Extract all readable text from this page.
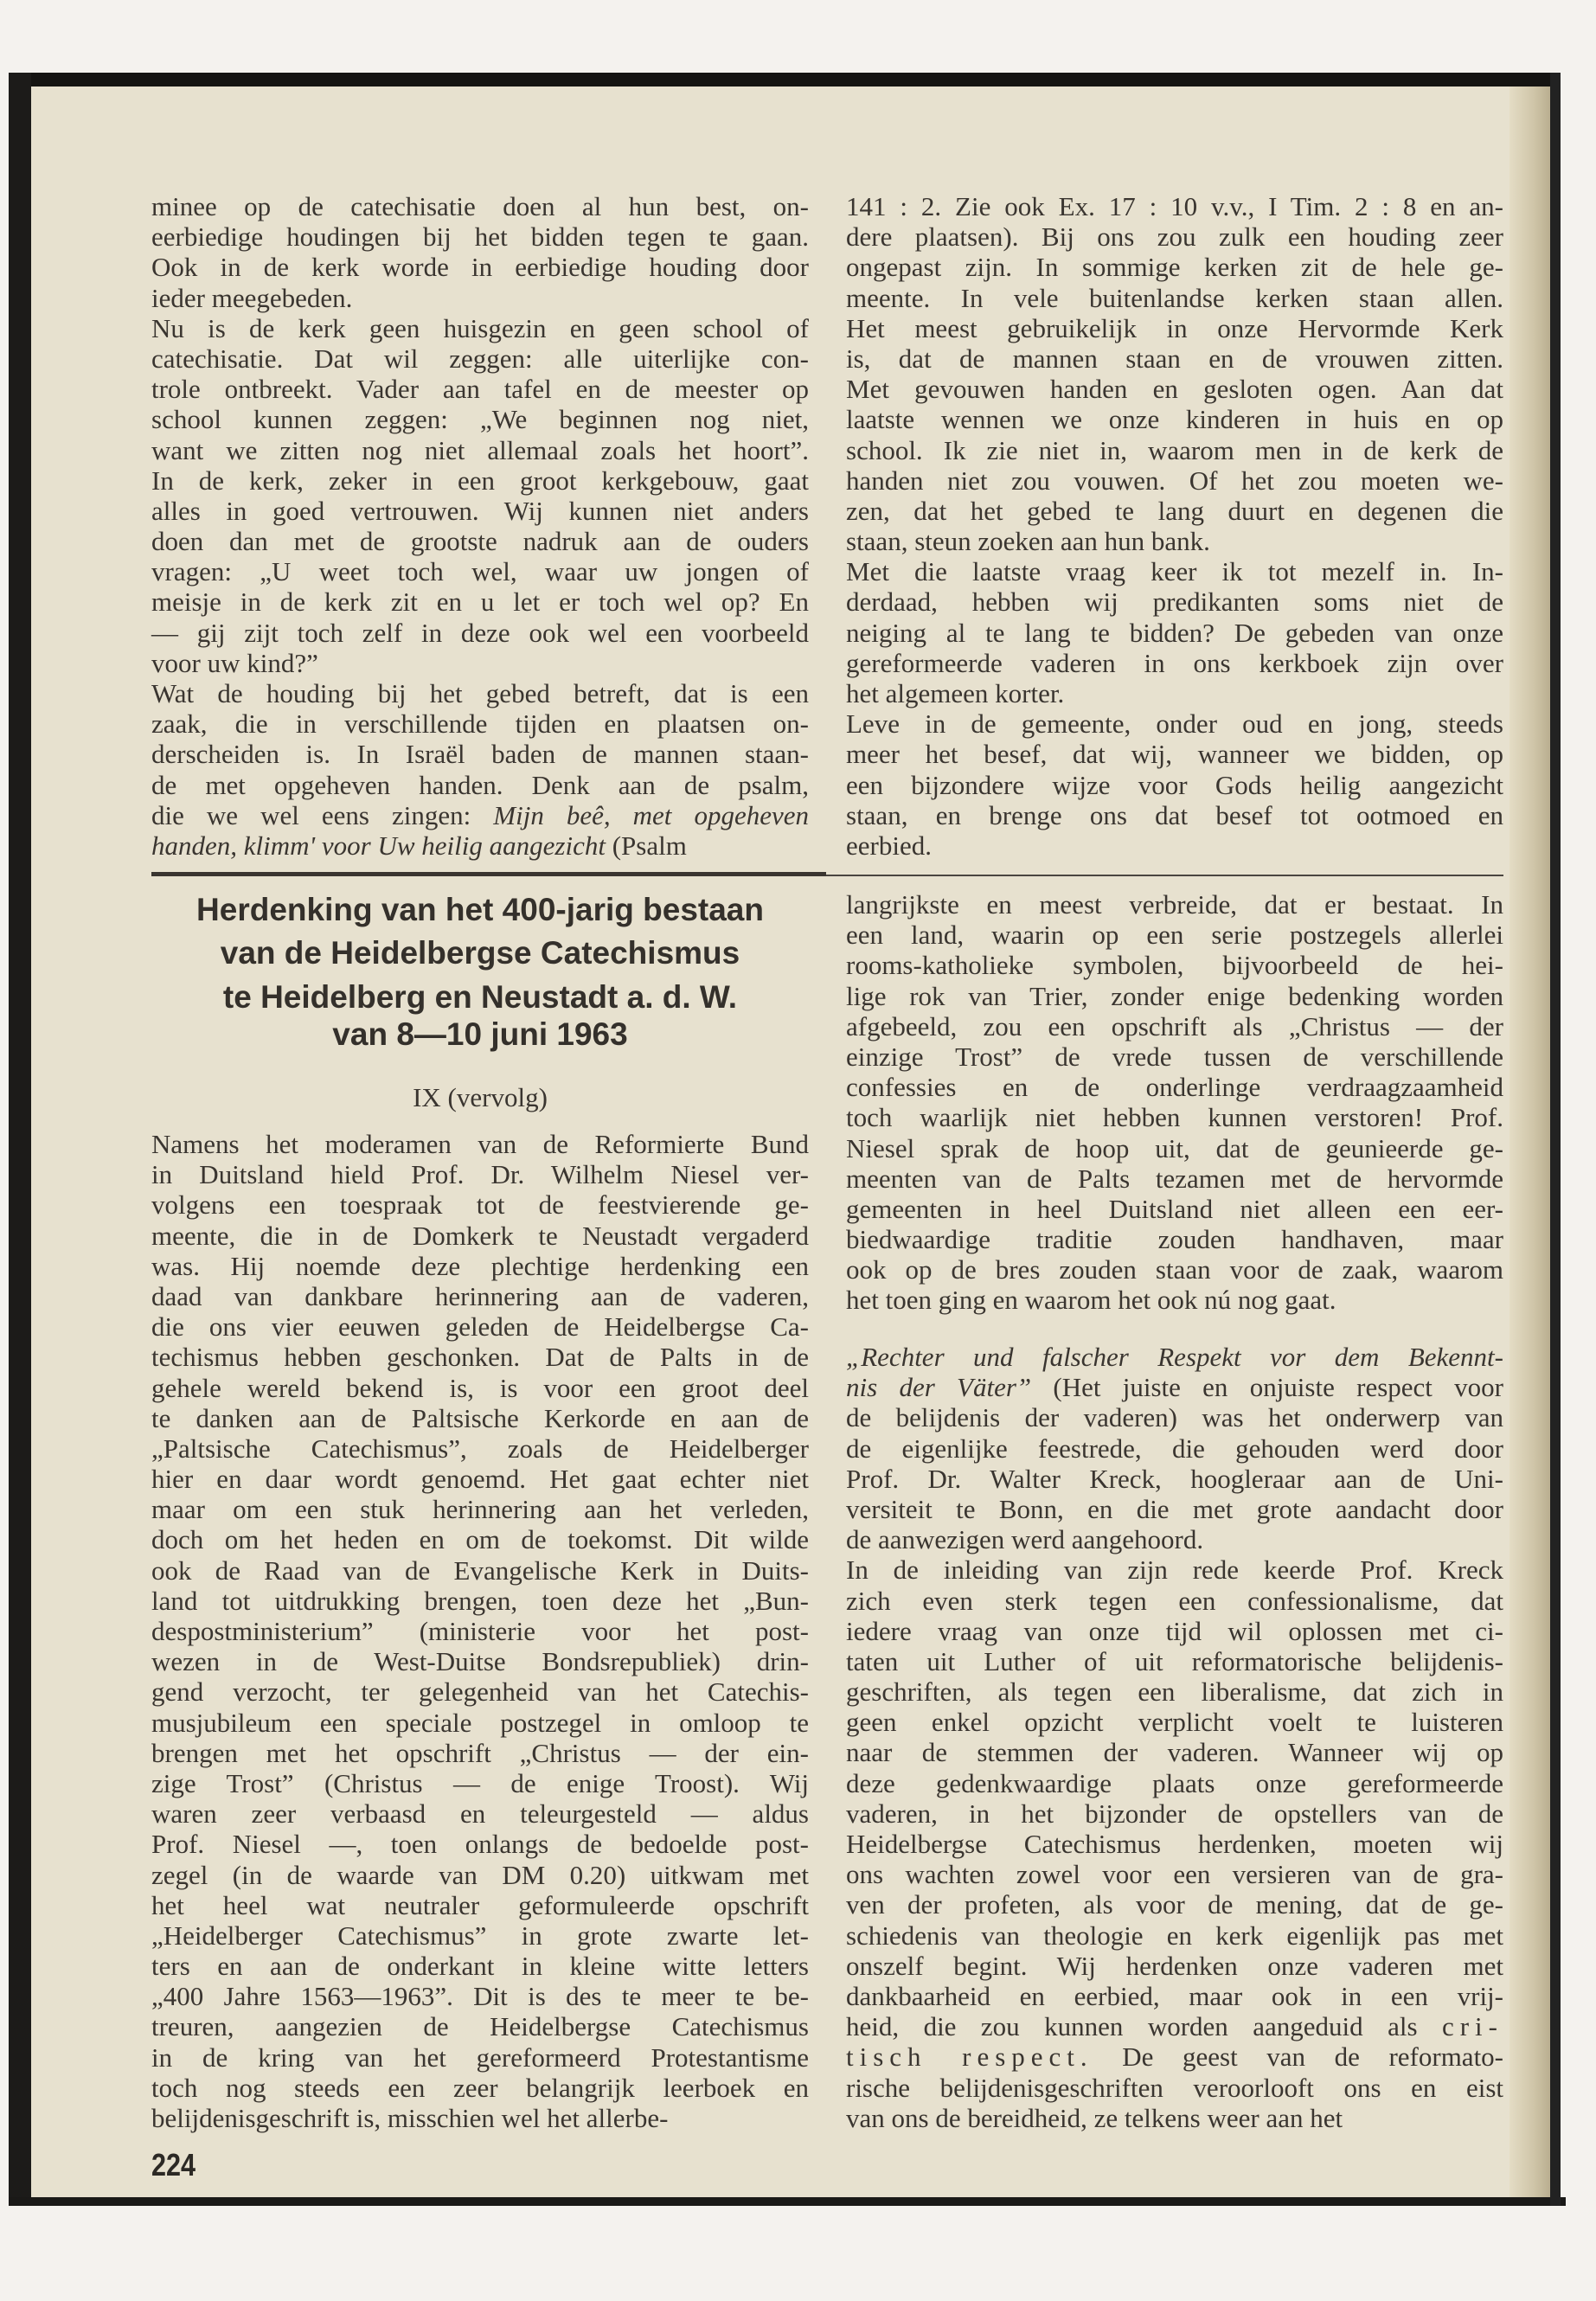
minee op de catechisatie doen al hun best, on-
eerbiedige houdingen bij het bidden tegen te gaan.
Ook in de kerk worde in eerbiedige houding door
ieder meegebeden.
Nu is de kerk geen huisgezin en geen school of
catechisatie. Dat wil zeggen: alle uiterlijke con-
trole ontbreekt. Vader aan tafel en de meester op
school kunnen zeggen: „We beginnen nog niet,
want we zitten nog niet allemaal zoals het hoort”.
In de kerk, zeker in een groot kerkgebouw, gaat
alles in goed vertrouwen. Wij kunnen niet anders
doen dan met de grootste nadruk aan de ouders
vragen: „U weet toch wel, waar uw jongen of
meisje in de kerk zit en u let er toch wel op? En
— gij zijt toch zelf in deze ook wel een voorbeeld
voor uw kind?”
Wat de houding bij het gebed betreft, dat is een
zaak, die in verschillende tijden en plaatsen on-
derscheiden is. In Israël baden de mannen staan-
de met opgeheven handen. Denk aan de psalm,
die we wel eens zingen: Mijn beê, met opgeheven
handen, klimm' voor Uw heilig aangezicht (Psalm
141 : 2. Zie ook Ex. 17 : 10 v.v., I Tim. 2 : 8 en an-
dere plaatsen). Bij ons zou zulk een houding zeer
ongepast zijn. In sommige kerken zit de hele ge-
meente. In vele buitenlandse kerken staan allen.
Het meest gebruikelijk in onze Hervormde Kerk
is, dat de mannen staan en de vrouwen zitten.
Met gevouwen handen en gesloten ogen. Aan dat
laatste wennen we onze kinderen in huis en op
school. Ik zie niet in, waarom men in de kerk de
handen niet zou vouwen. Of het zou moeten we-
zen, dat het gebed te lang duurt en degenen die
staan, steun zoeken aan hun bank.
Met die laatste vraag keer ik tot mezelf in. In-
derdaad, hebben wij predikanten soms niet de
neiging al te lang te bidden? De gebeden van onze
gereformeerde vaderen in ons kerkboek zijn over
het algemeen korter.
Leve in de gemeente, onder oud en jong, steeds
meer het besef, dat wij, wanneer we bidden, op
een bijzondere wijze voor Gods heilig aangezicht
staan, en brenge ons dat besef tot ootmoed en
eerbied.
Herdenking van het 400-jarig bestaan
van de Heidelbergse Catechismus
te Heidelberg en Neustadt a. d. W.
van 8—10 juni 1963
IX (vervolg)
Namens het moderamen van de Reformierte Bund
in Duitsland hield Prof. Dr. Wilhelm Niesel ver-
volgens een toespraak tot de feestvierende ge-
meente, die in de Domkerk te Neustadt vergaderd
was. Hij noemde deze plechtige herdenking een
daad van dankbare herinnering aan de vaderen,
die ons vier eeuwen geleden de Heidelbergse Ca-
techismus hebben geschonken. Dat de Palts in de
gehele wereld bekend is, is voor een groot deel
te danken aan de Paltsische Kerkorde en aan de
„Paltsische Catechismus”, zoals de Heidelberger
hier en daar wordt genoemd. Het gaat echter niet
maar om een stuk herinnering aan het verleden,
doch om het heden en om de toekomst. Dit wilde
ook de Raad van de Evangelische Kerk in Duits-
land tot uitdrukking brengen, toen deze het „Bun-
despostministerium” (ministerie voor het post-
wezen in de West-Duitse Bondsrepubliek) drin-
gend verzocht, ter gelegenheid van het Catechis-
musjubileum een speciale postzegel in omloop te
brengen met het opschrift „Christus — der ein-
zige Trost” (Christus — de enige Troost). Wij
waren zeer verbaasd en teleurgesteld — aldus
Prof. Niesel —, toen onlangs de bedoelde post-
zegel (in de waarde van DM 0.20) uitkwam met
het heel wat neutraler geformuleerde opschrift
„Heidelberger Catechismus” in grote zwarte let-
ters en aan de onderkant in kleine witte letters
„400 Jahre 1563—1963”. Dit is des te meer te be-
treuren, aangezien de Heidelbergse Catechismus
in de kring van het gereformeerd Protestantisme
toch nog steeds een zeer belangrijk leerboek en
belijdenisgeschrift is, misschien wel het allerbe-
langrijkste en meest verbreide, dat er bestaat. In
een land, waarin op een serie postzegels allerlei
rooms-katholieke symbolen, bijvoorbeeld de hei-
lige rok van Trier, zonder enige bedenking worden
afgebeeld, zou een opschrift als „Christus — der
einzige Trost” de vrede tussen de verschillende
confessies en de onderlinge verdraagzaamheid
toch waarlijk niet hebben kunnen verstoren! Prof.
Niesel sprak de hoop uit, dat de geunieerde ge-
meenten van de Palts tezamen met de hervormde
gemeenten in heel Duitsland niet alleen een eer-
biedwaardige traditie zouden handhaven, maar
ook op de bres zouden staan voor de zaak, waarom
het toen ging en waarom het ook nú nog gaat.
„Rechter und falscher Respekt vor dem Bekennt-
nis der Väter” (Het juiste en onjuiste respect voor
de belijdenis der vaderen) was het onderwerp van
de eigenlijke feestrede, die gehouden werd door
Prof. Dr. Walter Kreck, hoogleraar aan de Uni-
versiteit te Bonn, en die met grote aandacht door
de aanwezigen werd aangehoord.
In de inleiding van zijn rede keerde Prof. Kreck
zich even sterk tegen een confessionalisme, dat
iedere vraag van onze tijd wil oplossen met ci-
taten uit Luther of uit reformatorische belijdenis-
geschriften, als tegen een liberalisme, dat zich in
geen enkel opzicht verplicht voelt te luisteren
naar de stemmen der vaderen. Wanneer wij op
deze gedenkwaardige plaats onze gereformeerde
vaderen, in het bijzonder de opstellers van de
Heidelbergse Catechismus herdenken, moeten wij
ons wachten zowel voor een versieren van de gra-
ven der profeten, als voor de mening, dat de ge-
schiedenis van theologie en kerk eigenlijk pas met
onszelf begint. Wij herdenken onze vaderen met
dankbaarheid en eerbied, maar ook in een vrij-
heid, die zou kunnen worden aangeduid als cri-
tisch respect. De geest van de reformato-
rische belijdenisgeschriften veroorlooft ons en eist
van ons de bereidheid, ze telkens weer aan het
224
